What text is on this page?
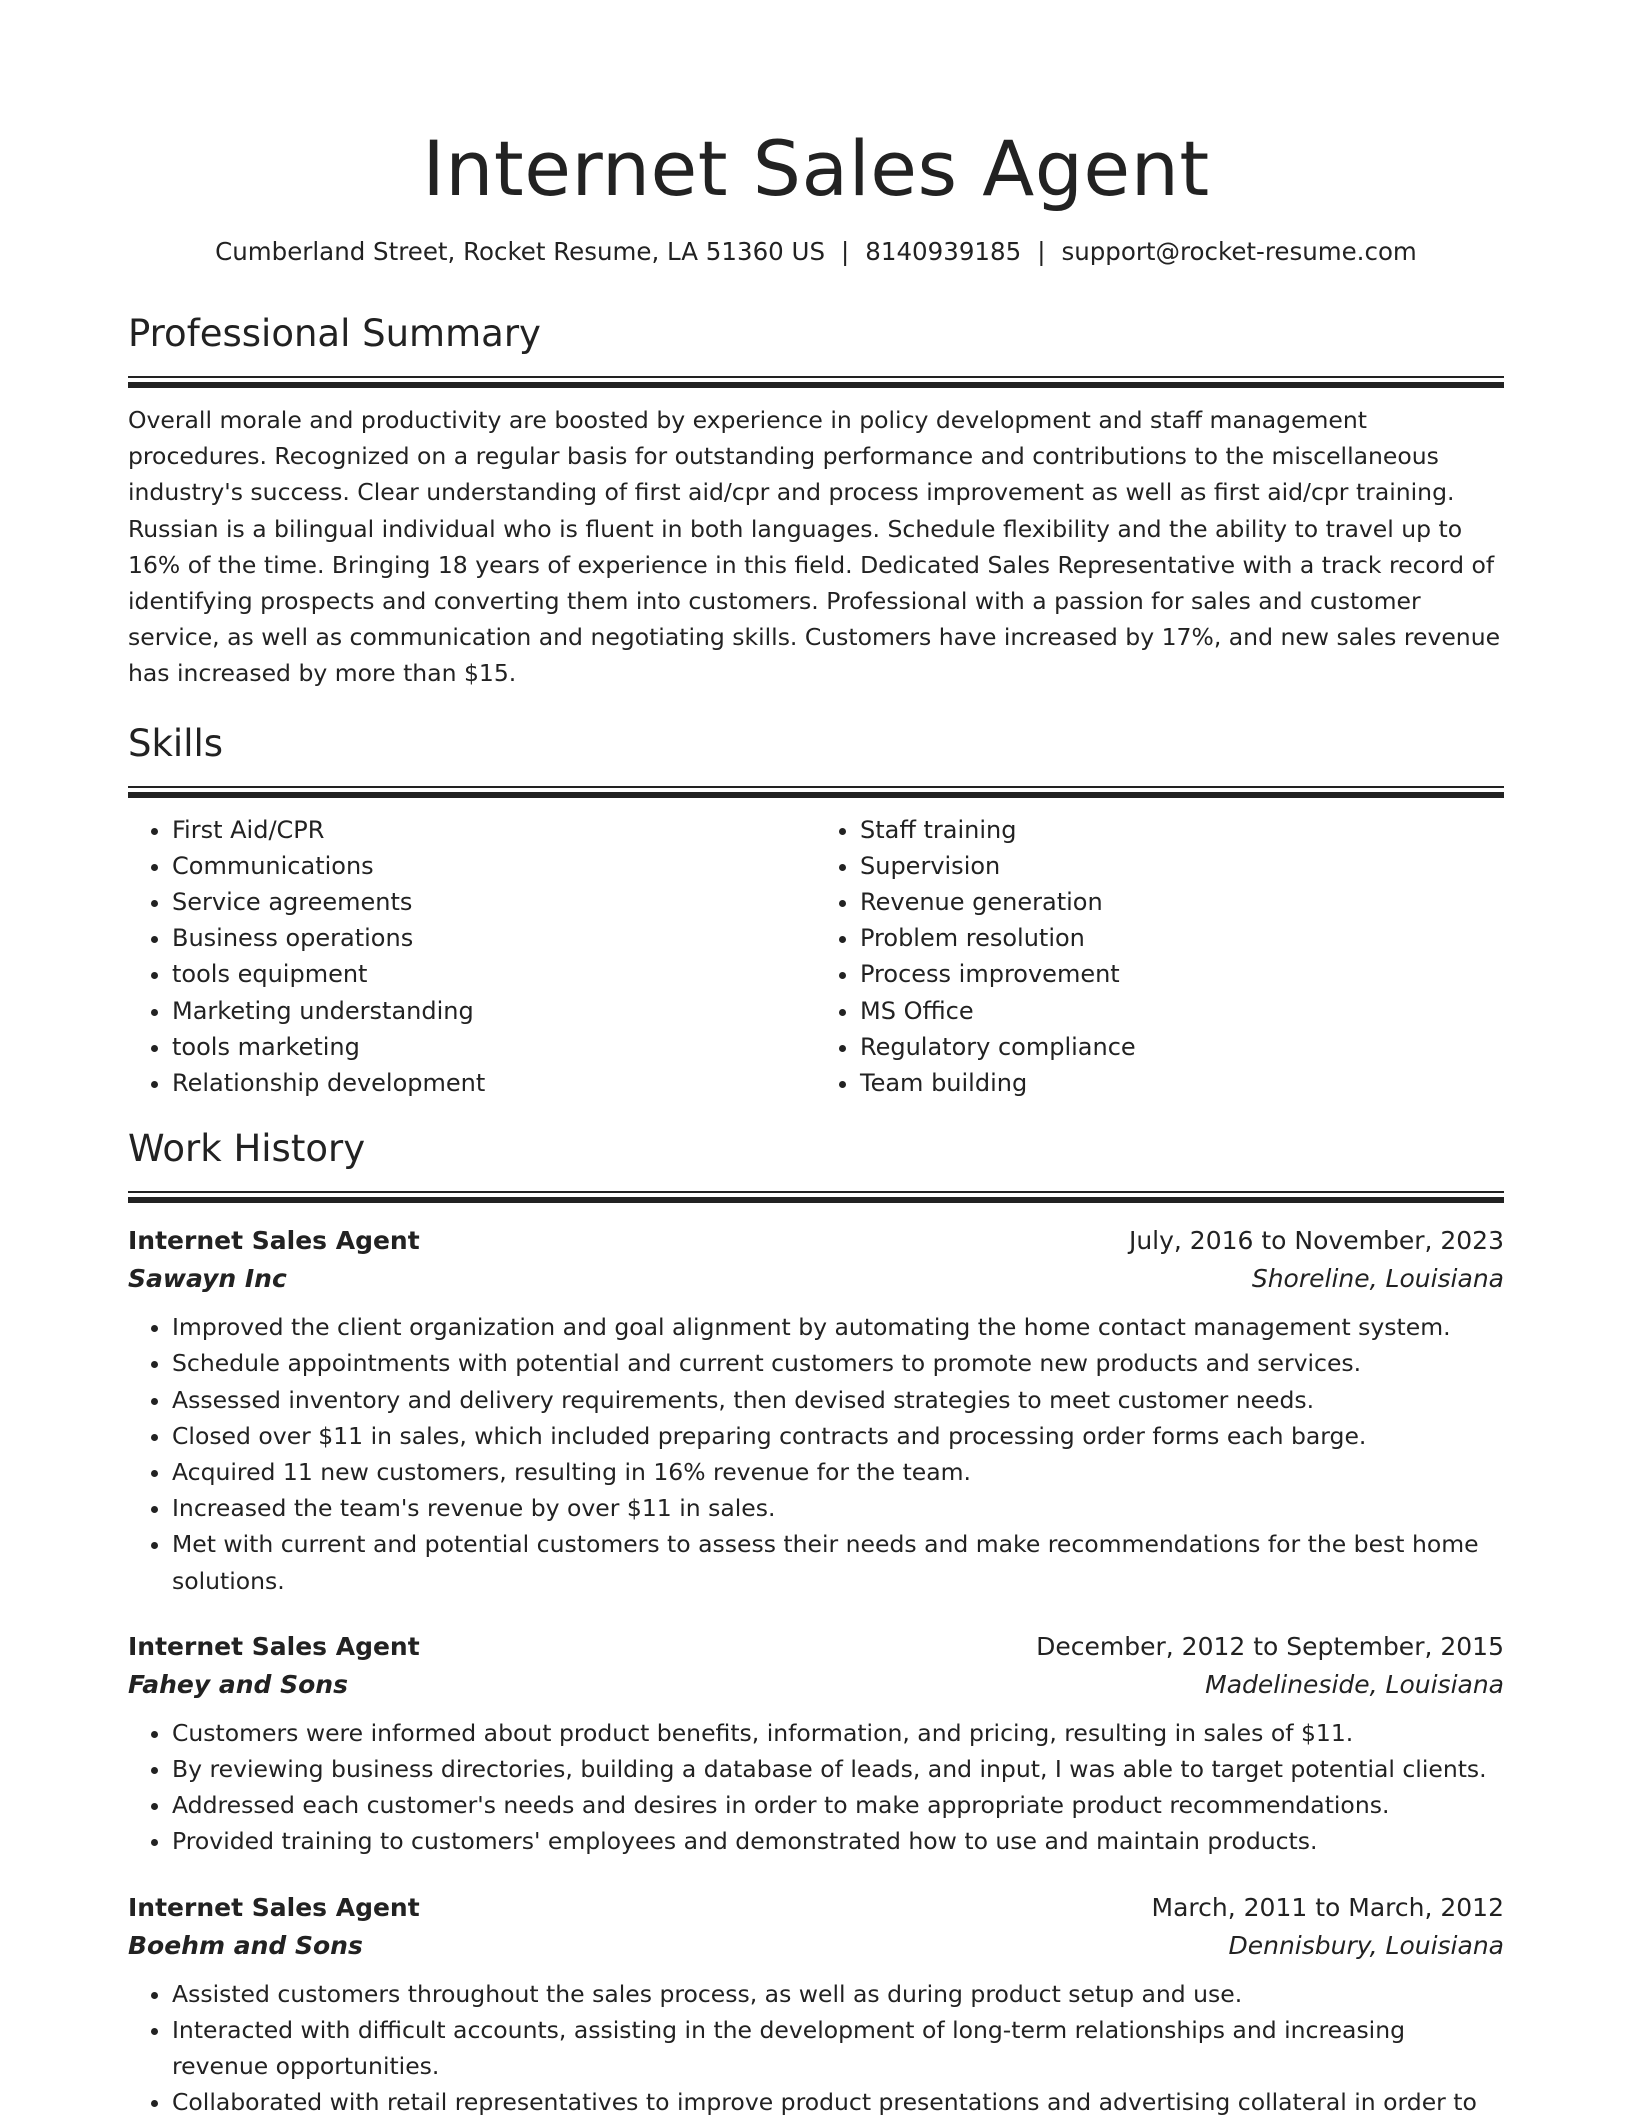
Internet Sales Agent
Cumberland Street, Rocket Resume, LA 51360 US | 8140939185 | support@rocket-resume.com
Professional Summary
Overall morale and productivity are boosted by experience in policy development and staff management procedures. Recognized on a regular basis for outstanding performance and contributions to the miscellaneous industry's success. Clear understanding of first aid/cpr and process improvement as well as first aid/cpr training. Russian is a bilingual individual who is fluent in both languages. Schedule flexibility and the ability to travel up to 16% of the time. Bringing 18 years of experience in this field. Dedicated Sales Representative with a track record of identifying prospects and converting them into customers. Professional with a passion for sales and customer service, as well as communication and negotiating skills. Customers have increased by 17%, and new sales revenue has increased by more than $15.
Skills
• First Aid/CPR
• Communications
• Service agreements
• Business operations
• tools equipment
• Marketing understanding
• tools marketing
• Relationship development
• Staff training
• Supervision
• Revenue generation
• Problem resolution
• Process improvement
• MS Office
• Regulatory compliance
• Team building
Work History
Internet Sales Agent	July, 2016 to November, 2023
Sawayn Inc	Shoreline, Louisiana
• Improved the client organization and goal alignment by automating the home contact management system.
• Schedule appointments with potential and current customers to promote new products and services.
• Assessed inventory and delivery requirements, then devised strategies to meet customer needs.
• Closed over $11 in sales, which included preparing contracts and processing order forms each barge.
• Acquired 11 new customers, resulting in 16% revenue for the team.
• Increased the team's revenue by over $11 in sales.
• Met with current and potential customers to assess their needs and make recommendations for the best home solutions.
Internet Sales Agent	December, 2012 to September, 2015
Fahey and Sons	Madelineside, Louisiana
• Customers were informed about product benefits, information, and pricing, resulting in sales of $11.
• By reviewing business directories, building a database of leads, and input, I was able to target potential clients.
• Addressed each customer's needs and desires in order to make appropriate product recommendations.
• Provided training to customers' employees and demonstrated how to use and maintain products.
Internet Sales Agent	March, 2011 to March, 2012
Boehm and Sons	Dennisbury, Louisiana
• Assisted customers throughout the sales process, as well as during product setup and use.
• Interacted with difficult accounts, assisting in the development of long-term relationships and increasing revenue opportunities.
• Collaborated with retail representatives to improve product presentations and advertising collateral in order to
